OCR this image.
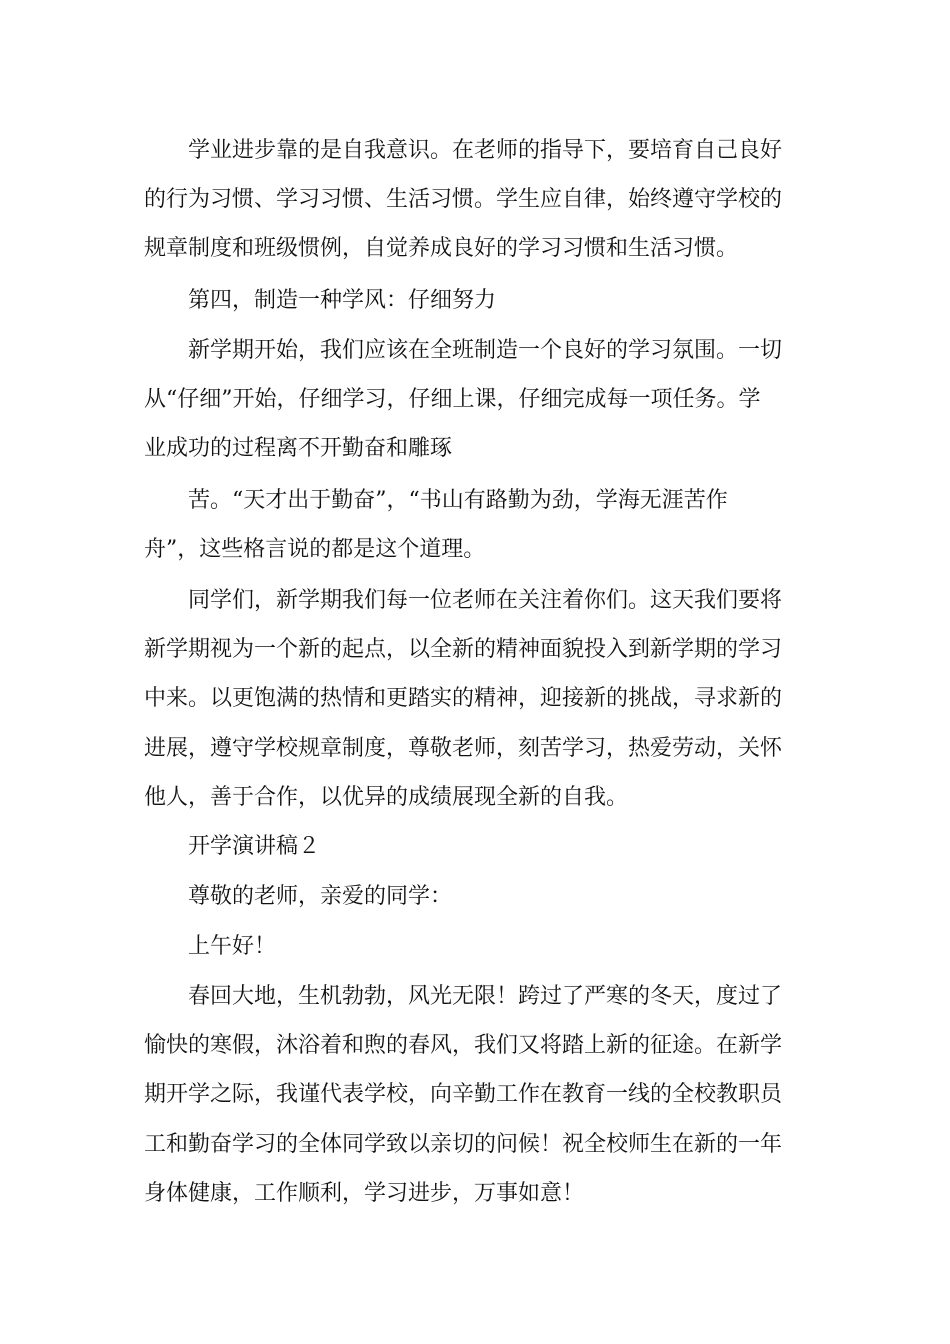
学业进步靠的是自我意识。在老师的指导下，要培育自己良好
的行为习惯、学习习惯、生活习惯。学生应自律，始终遵守学校的
规章制度和班级惯例，自觉养成良好的学习习惯和生活习惯。

第四，制造一种学风：仔细努力

新学期开始，我们应该在全班制造一个良好的学习氛围。一切
从“仔细”开始，仔细学习，仔细上课，仔细完成每一项任务。学
业成功的过程离不开勤奋和雕琢

苦。“天才出于勤奋”，“书山有路勤为劲，学海无涯苦作
舟”，这些格言说的都是这个道理。

同学们，新学期我们每一位老师在关注着你们。这天我们要将
新学期视为一个新的起点，以全新的精神面貌投入到新学期的学习
中来。以更饱满的热情和更踏实的精神，迎接新的挑战，寻求新的
进展，遵守学校规章制度，尊敬老师，刻苦学习，热爱劳动，关怀
他人，善于合作，以优异的成绩展现全新的自我。

开学演讲稿２

尊敬的老师，亲爱的同学：

上午好！

春回大地，生机勃勃，风光无限！跨过了严寒的冬天，度过了
愉快的寒假，沐浴着和煦的春风，我们又将踏上新的征途。在新学
期开学之际，我谨代表学校，向辛勤工作在教育一线的全校教职员
工和勤奋学习的全体同学致以亲切的问候！祝全校师生在新的一年
身体健康，工作顺利，学习进步，万事如意！
